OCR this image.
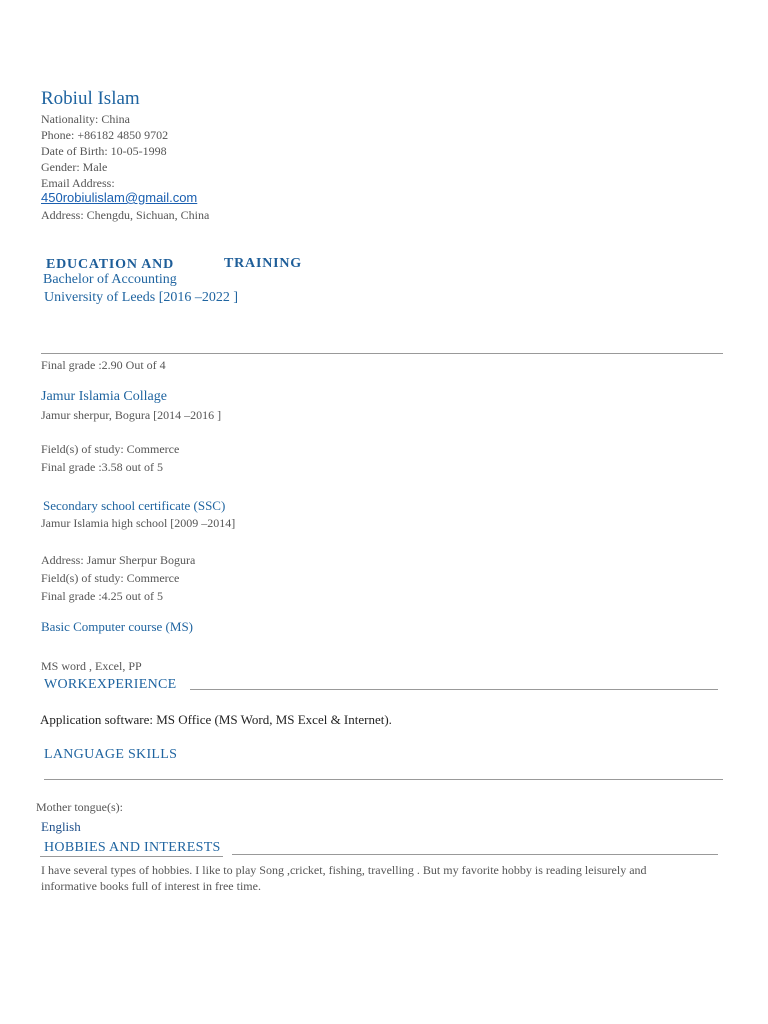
Robiul Islam
Nationality: China
Phone: +86182 4850 9702
Date of Birth: 10-05-1998
Gender: Male
Email Address:
450robiulislam@gmail.com
Address: Chengdu, Sichuan, China
EDUCATION AND	TRAINING
Bachelor of Accounting
University of Leeds [2016 –2022 ]
Final grade :2.90 Out of 4
Jamur Islamia Collage
Jamur sherpur, Bogura [2014 –2016 ]
Field(s) of study: Commerce
Final grade :3.58 out of 5
Secondary school certificate (SSC)
Jamur Islamia high school [2009 –2014]
Address: Jamur Sherpur Bogura
Field(s) of study: Commerce
Final grade :4.25 out of 5
Basic Computer course (MS)
MS word , Excel, PP
WORKEXPERIENCE
Application software: MS Office (MS Word, MS Excel & Internet).
LANGUAGE SKILLS
Mother tongue(s):
English
HOBBIES AND INTERESTS
I have several types of hobbies. I like to play Song ,cricket, fishing, travelling . But my favorite hobby is reading leisurely and informative books full of interest in free time.
